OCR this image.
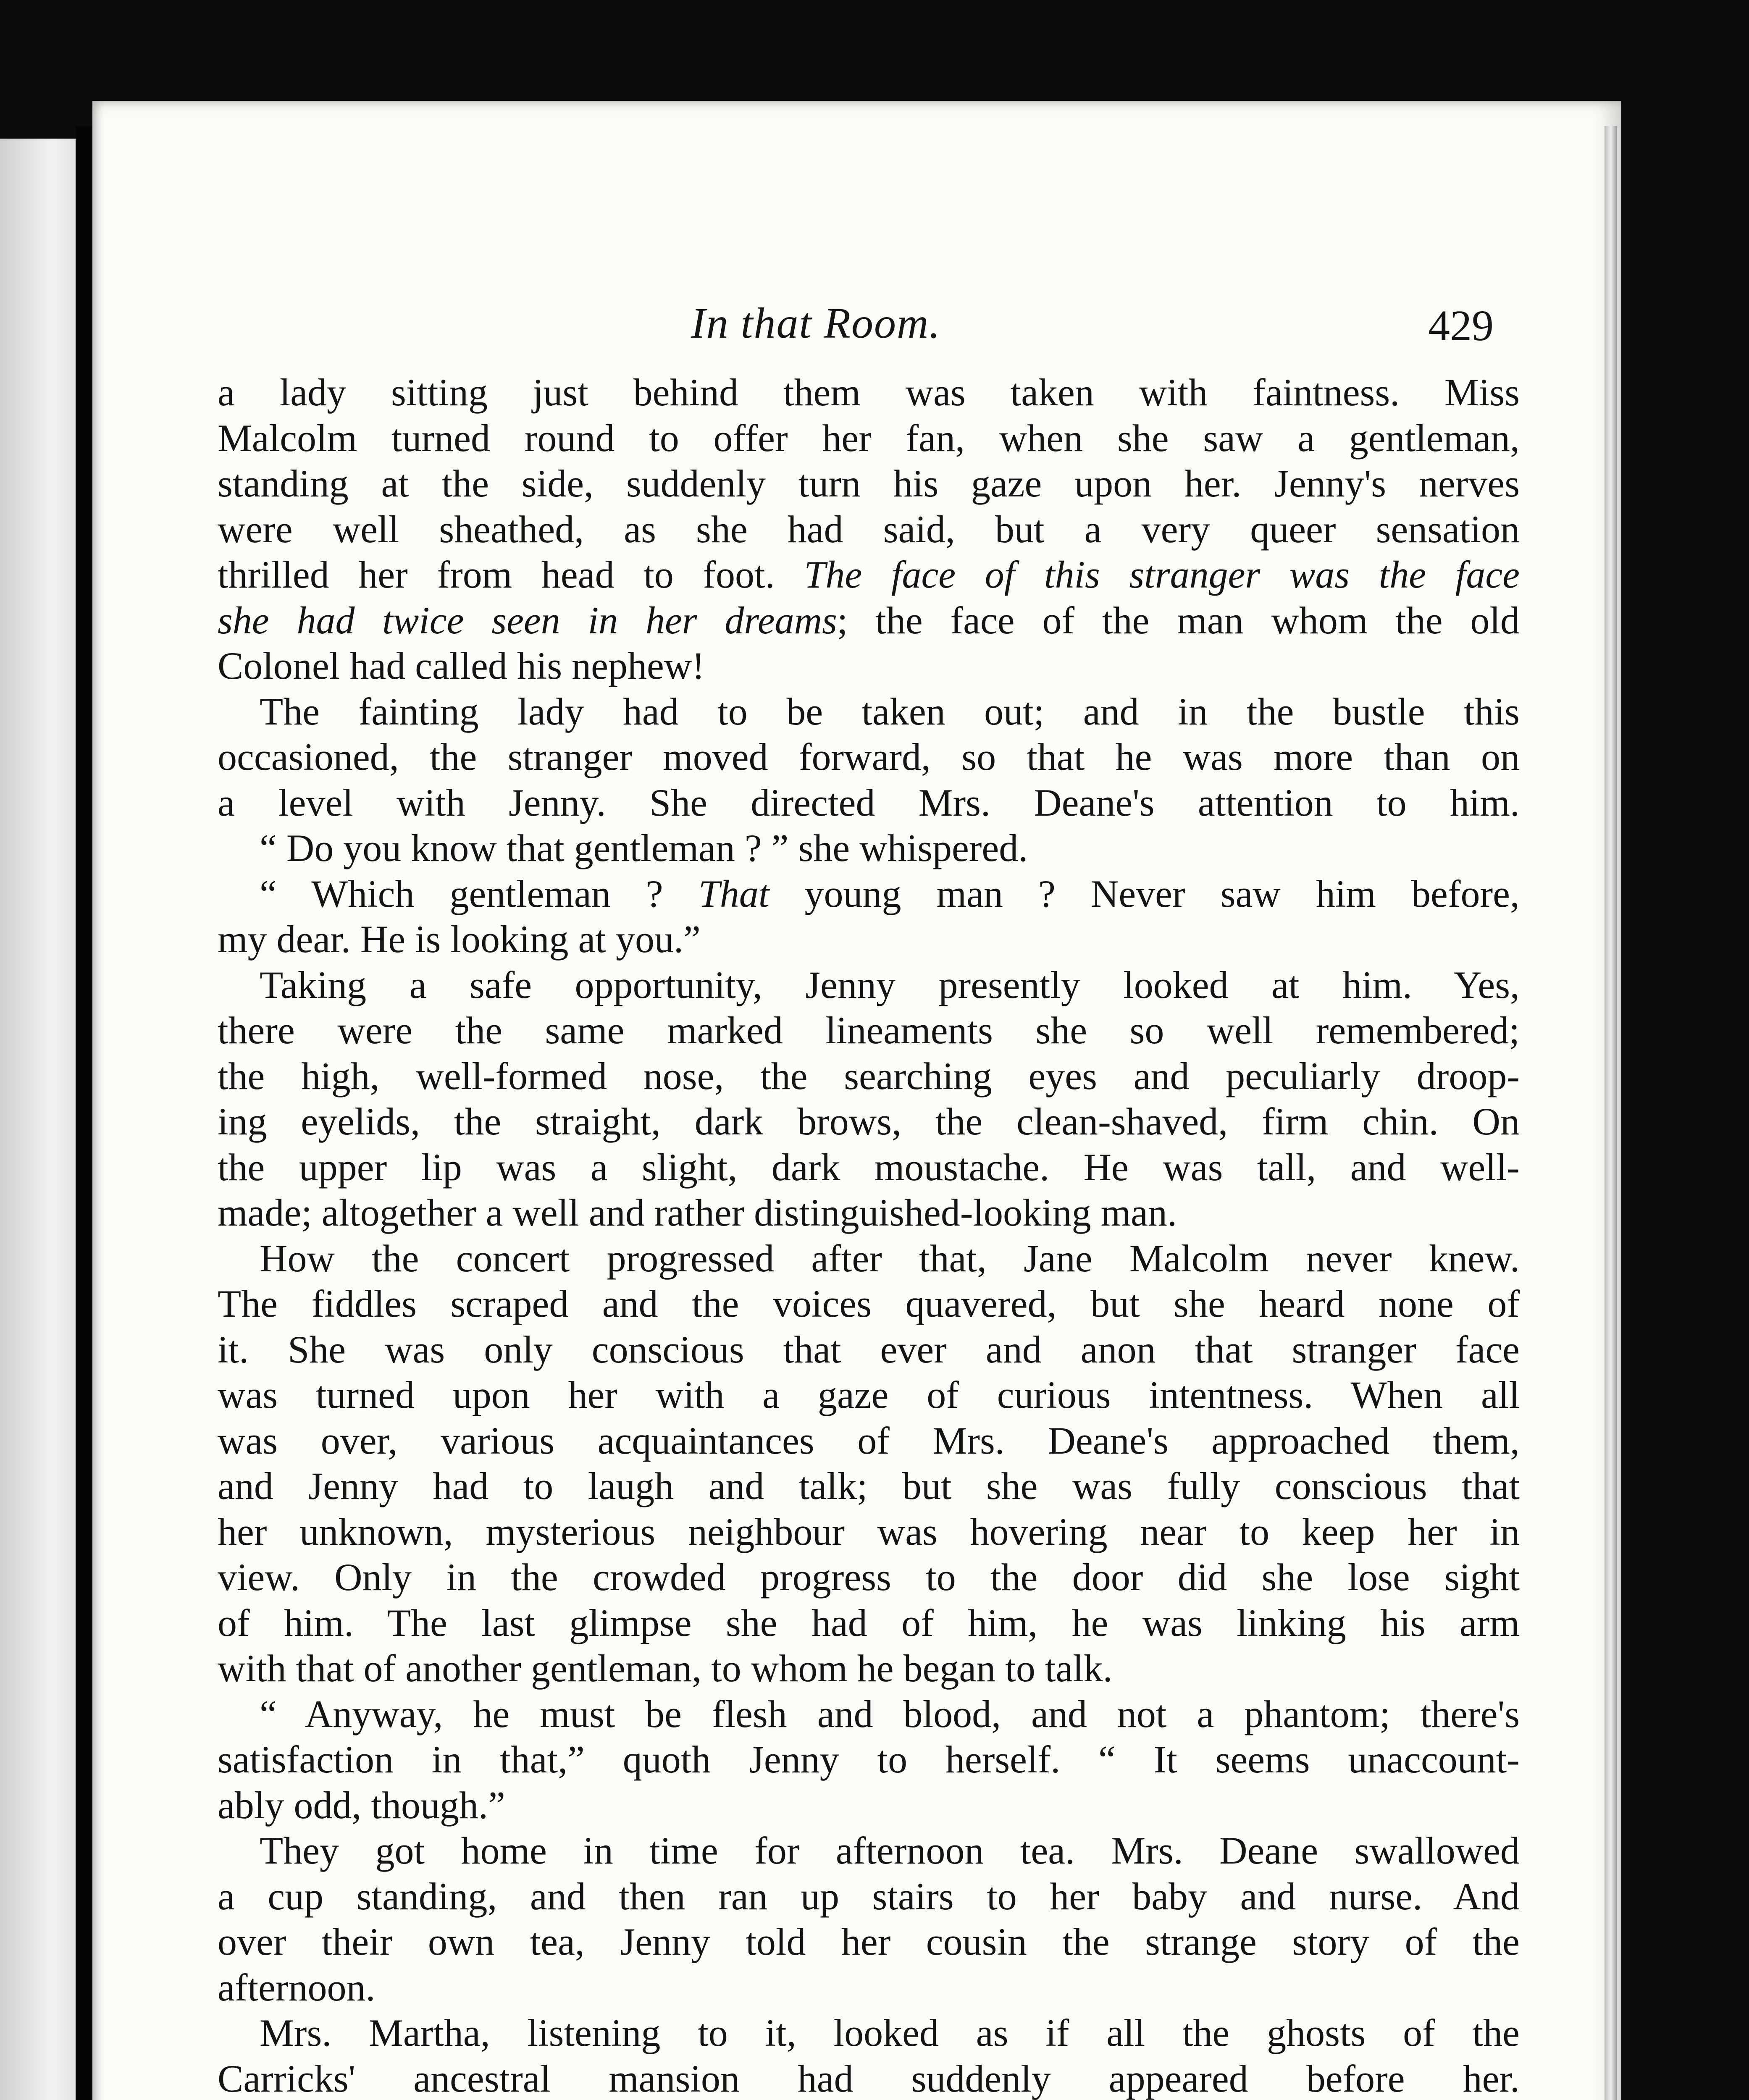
In that Room.	429
a lady sitting just behind them was taken with faintness. Miss
Malcolm turned round to offer her fan, when she saw a gentleman,
standing at the side, suddenly turn his gaze upon her. Jenny's nerves
were well sheathed, as she had said, but a very queer sensation
thrilled her from head to foot. The face of this stranger was the face
she had twice seen in her dreams; the face of the man whom the old
Colonel had called his nephew!
The fainting lady had to be taken out; and in the bustle this
occasioned, the stranger moved forward, so that he was more than on
a level with Jenny. She directed Mrs. Deane's attention to him.
“ Do you know that gentleman ? ” she whispered.
“ Which gentleman ? That young man ? Never saw him before,
my dear. He is looking at you.”
Taking a safe opportunity, Jenny presently looked at him. Yes,
there were the same marked lineaments she so well remembered;
the high, well-formed nose, the searching eyes and peculiarly droop-
ing eyelids, the straight, dark brows, the clean-shaved, firm chin. On
the upper lip was a slight, dark moustache. He was tall, and well-
made; altogether a well and rather distinguished-looking man.
How the concert progressed after that, Jane Malcolm never knew.
The fiddles scraped and the voices quavered, but she heard none of
it. She was only conscious that ever and anon that stranger face
was turned upon her with a gaze of curious intentness. When all
was over, various acquaintances of Mrs. Deane's approached them,
and Jenny had to laugh and talk; but she was fully conscious that
her unknown, mysterious neighbour was hovering near to keep her in
view. Only in the crowded progress to the door did she lose sight
of him. The last glimpse she had of him, he was linking his arm
with that of another gentleman, to whom he began to talk.
“ Anyway, he must be flesh and blood, and not a phantom; there's
satisfaction in that,” quoth Jenny to herself. “ It seems unaccount-
ably odd, though.”
They got home in time for afternoon tea. Mrs. Deane swallowed
a cup standing, and then ran up stairs to her baby and nurse. And
over their own tea, Jenny told her cousin the strange story of the
afternoon.
Mrs. Martha, listening to it, looked as if all the ghosts of the
Carricks' ancestral mansion had suddenly appeared before her.
